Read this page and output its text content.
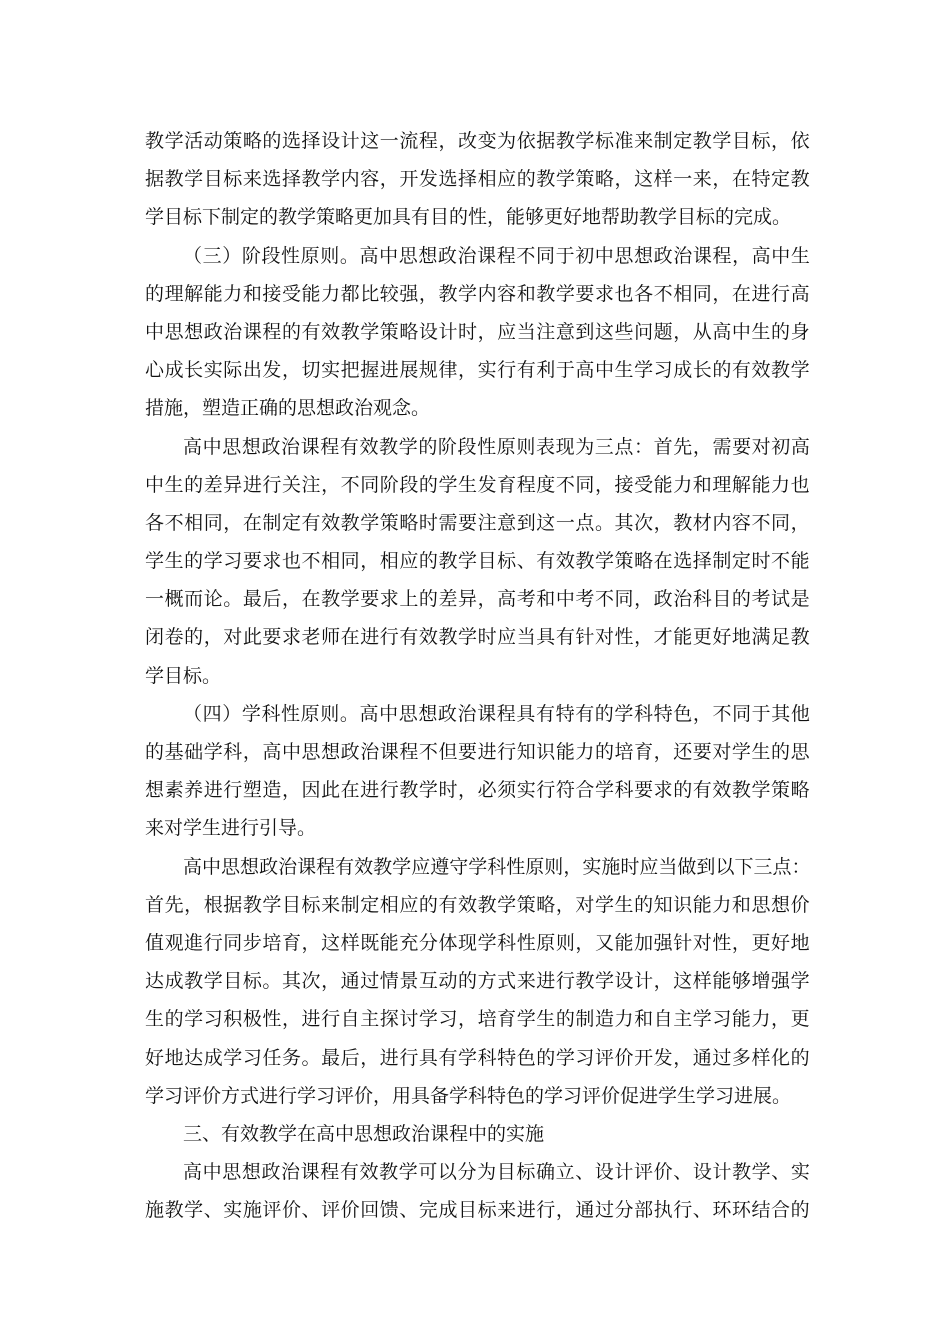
教 学 活 动 策 略 的 选 择 设 计 这 一 流 程 ， 改 变 为 依 据 教 学 标 准 来 制 定 教 学 目 标 ， 依
据 教 学 目 标 来 选 择 教 学 内 容 ， 开 发 选 择 相 应 的 教 学 策 略 ， 这 样 一 来 ， 在 特 定 教
学目标下制定的教学策略更加具有目的性，能够更好地帮助教学目标的完成。
（ 三 ） 阶 段 性 原 则 。 高 中 思 想 政 治 课 程 不 同 于 初 中 思 想 政 治 课 程 ， 高 中 生
的 理 解 能 力 和 接 受 能 力 都 比 较 强 ， 教 学 内 容 和 教 学 要 求 也 各 不 相 同 ， 在 进 行 高
中 思 想 政 治 课 程 的 有 效 教 学 策 略 设 计 时 ， 应 当 注 意 到 这 些 问 题 ， 从 高 中 生 的 身
心 成 长 实 际 出 发 ， 切 实 把 握 进 展 规 律 ， 实 行 有 利 于 高 中 生 学 习 成 长 的 有 效 教 学
措施，塑造正确的思想政治观念。
高 中 思 想 政 治 课 程 有 效 教 学 的 阶 段 性 原 则 表 现 为 三 点 ： 首 先 ， 需 要 对 初 高
中 生 的 差 异 进 行 关 注 ， 不 同 阶 段 的 学 生 发 育 程 度 不 同 ， 接 受 能 力 和 理 解 能 力 也
各 不 相 同 ， 在 制 定 有 效 教 学 策 略 时 需 要 注 意 到 这 一 点 。 其 次 ， 教 材 内 容 不 同 ，
学 生 的 学 习 要 求 也 不 相 同 ， 相 应 的 教 学 目 标 、 有 效 教 学 策 略 在 选 择 制 定 时 不 能
一 概 而 论 。 最 后 ， 在 教 学 要 求 上 的 差 异 ， 高 考 和 中 考 不 同 ， 政 治 科 目 的 考 试 是
闭 卷 的 ， 对 此 要 求 老 师 在 进 行 有 效 教 学 时 应 当 具 有 针 对 性 ， 才 能 更 好 地 满 足 教
学目标。
（ 四 ） 学 科 性 原 则 。 高 中 思 想 政 治 课 程 具 有 特 有 的 学 科 特 色 ， 不 同 于 其 他
的 基 础 学 科 ， 高 中 思 想 政 治 课 程 不 但 要 进 行 知 识 能 力 的 培 育 ， 还 要 对 学 生 的 思
想 素 养 进 行 塑 造 ， 因 此 在 进 行 教 学 时 ， 必 须 实 行 符 合 学 科 要 求 的 有 效 教 学 策 略
来对学生进行引导。
高 中 思 想 政 治 课 程 有 效 教 学 应 遵 守 学 科 性 原 则 ， 实 施 时 应 当 做 到 以 下 三 点 ：
首 先 ， 根 据 教 学 目 标 来 制 定 相 应 的 有 效 教 学 策 略 ， 对 学 生 的 知 识 能 力 和 思 想 价
值 观 進 行 同 步 培 育 ， 这 样 既 能 充 分 体 现 学 科 性 原 则 ， 又 能 加 强 针 对 性 ， 更 好 地
达 成 教 学 目 标 。 其 次 ， 通 过 情 景 互 动 的 方 式 来 进 行 教 学 设 计 ， 这 样 能 够 增 强 学
生 的 学 习 积 极 性 ， 进 行 自 主 探 讨 学 习 ， 培 育 学 生 的 制 造 力 和 自 主 学 习 能 力 ， 更
好 地 达 成 学 习 任 务 。 最 后 ， 进 行 具 有 学 科 特 色 的 学 习 评 价 开 发 ， 通 过 多 样 化 的
学习评价方式进行学习评价，用具备学科特色的学习评价促进学生学习进展。
三、有效教学在高中思想政治课程中的实施
高 中 思 想 政 治 课 程 有 效 教 学 可 以 分 为 目 标 确 立 、 设 计 评 价 、 设 计 教 学 、 实
施 教 学 、 实 施 评 价 、 评 价 回 馈 、 完 成 目 标 来 进 行 ， 通 过 分 部 执 行 、 环 环 结 合 的
